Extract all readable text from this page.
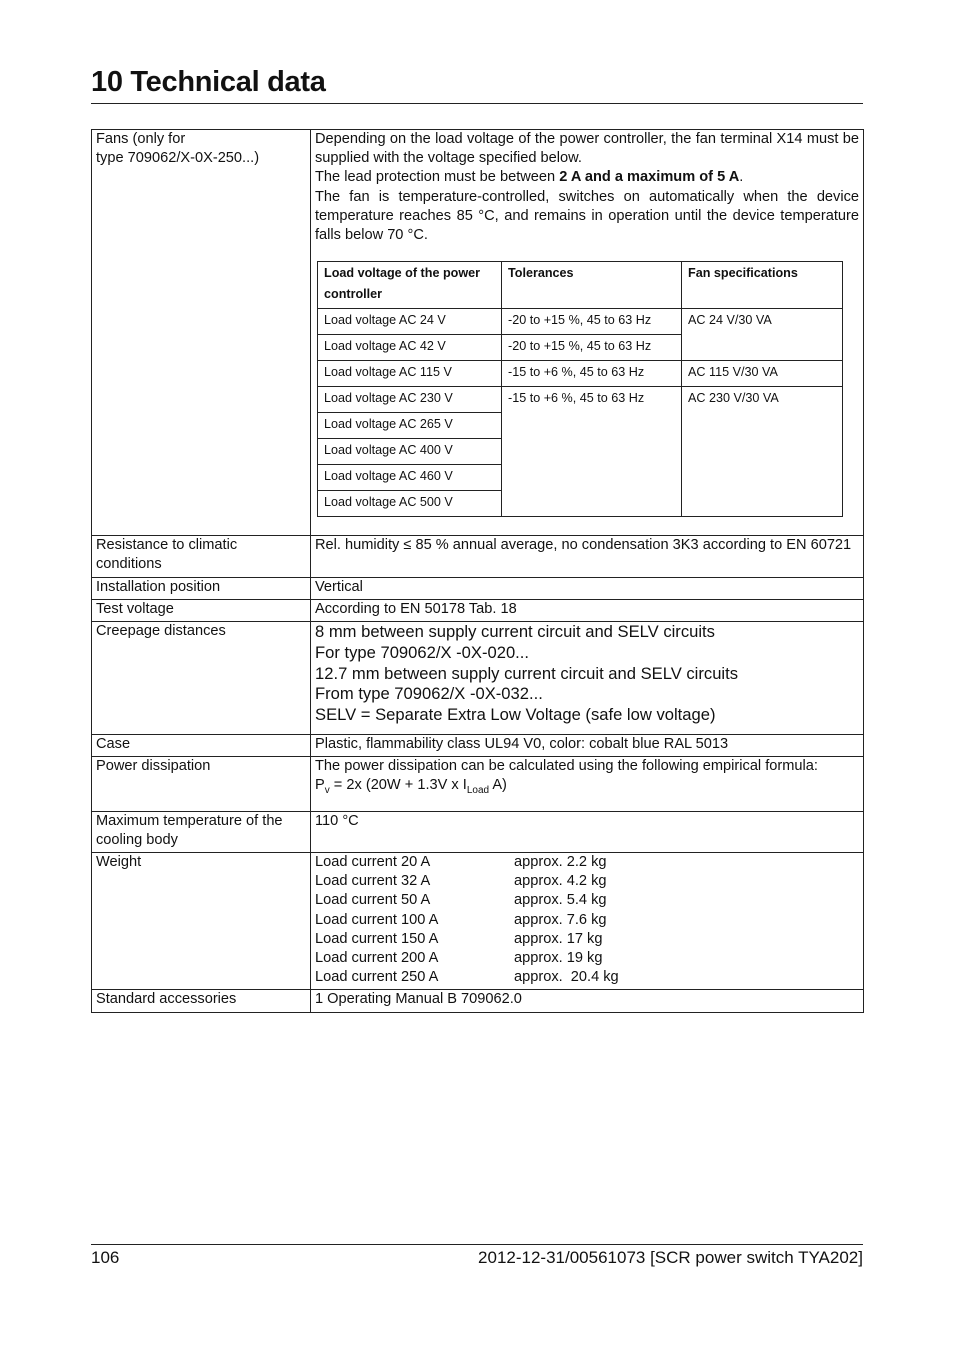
10 Technical data
Fans (only for
type 709062/X-0X-250...)

Depending on the load voltage of the power controller, the fan terminal X14 must be supplied with the voltage specified below.
The lead protection must be between 2 A and a maximum of 5 A.
The fan is temperature-controlled, switches on automatically when the device temperature reaches 85 °C, and remains in operation until the device temperature falls below 70 °C.
Load voltage of the power controller	Tolerances	Fan specifications
Load voltage AC 24 V	-20 to +15 %, 45 to 63 Hz	AC 24 V/30 VA
Load voltage AC 42 V	-20 to +15 %, 45 to 63 Hz
Load voltage AC 115 V	-15 to +6 %, 45 to 63 Hz	AC 115 V/30 VA
Load voltage AC 230 V	-15 to +6 %, 45 to 63 Hz	AC 230 V/30 VA
Load voltage AC 265 V
Load voltage AC 400 V
Load voltage AC 460 V
Load voltage AC 500 V

Resistance to climatic conditions	Rel. humidity ≤ 85 % annual average, no condensation 3K3 according to EN 60721
Installation position	Vertical
Test voltage	According to EN 50178 Tab. 18
Creepage distances	8 mm between supply current circuit and SELV circuits
For type 709062/X -0X-020...
12.7 mm between supply current circuit and SELV circuits
From type 709062/X -0X-032...
SELV = Separate Extra Low Voltage (safe low voltage)

Case	Plastic, flammability class UL94 V0, color: cobalt blue RAL 5013
Power dissipation	The power dissipation can be calculated using the following empirical formula:
$P_v = 2x$ (20W + 1.3V x $I_{Load}$ A)

Maximum temperature of the cooling body	110 °C
Weight	Load current 20 A	approx. 2.2 kg
Load current 32 A	approx. 4.2 kg
Load current 50 A	approx. 5.4 kg
Load current 100 A	approx. 7.6 kg
Load current 150 A	approx. 17 kg
Load current 200 A	approx. 19 kg
Load current 250 A	approx.  20.4 kg

Standard accessories	1 Operating Manual B 709062.0
106	2012-12-31/00561073 [SCR power switch TYA202]
